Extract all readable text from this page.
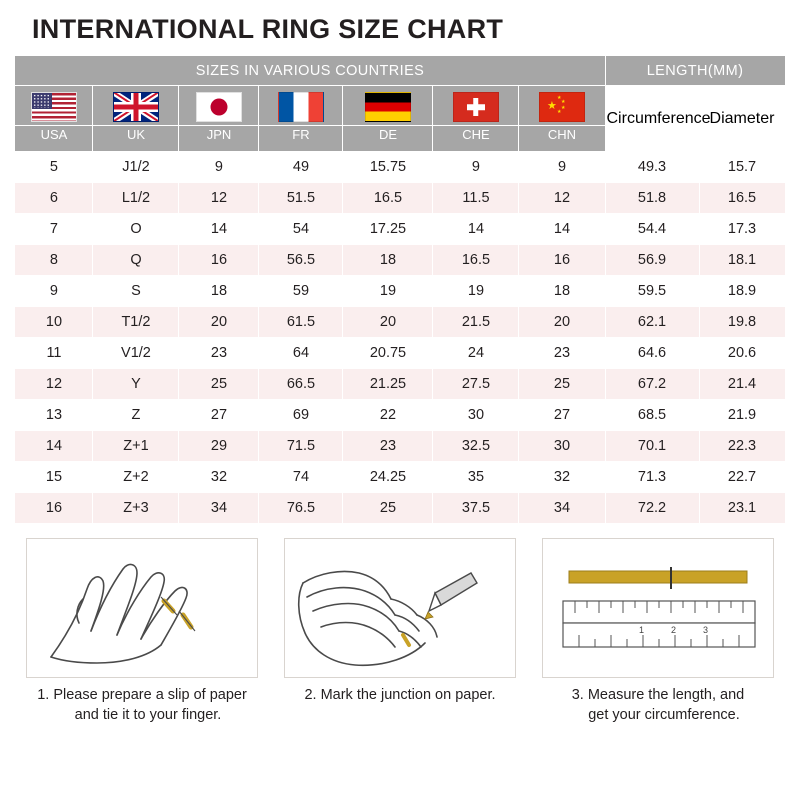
INTERNATIONAL RING SIZE CHART
SIZES IN VARIOUS COUNTRIES							LENGTH(MM)	

						★
★
★
★
★	Circumference	Diameter
USA	UK	JPN	FR	DE	CHE	CHN		
5	J1/2	9	49	15.75	9	9	49.3	15.7
6	L1/2	12	51.5	16.5	11.5	12	51.8	16.5
7	O	14	54	17.25	14	14	54.4	17.3
8	Q	16	56.5	18	16.5	16	56.9	18.1
9	S	18	59	19	19	18	59.5	18.9
10	T1/2	20	61.5	20	21.5	20	62.1	19.8
11	V1/2	23	64	20.75	24	23	64.6	20.6
12	Y	25	66.5	21.25	27.5	25	67.2	21.4
13	Z	27	69	22	30	27	68.5	21.9
14	Z+1	29	71.5	23	32.5	30	70.1	22.3
15	Z+2	32	74	24.25	35	32	71.3	22.7
16	Z+3	34	76.5	25	37.5	34	72.2	23.1
1. Please prepare a slip of paper
and tie it to your finger.
2. Mark the junction on paper.
1	2	3
3. Measure the length, and
get your circumference.
